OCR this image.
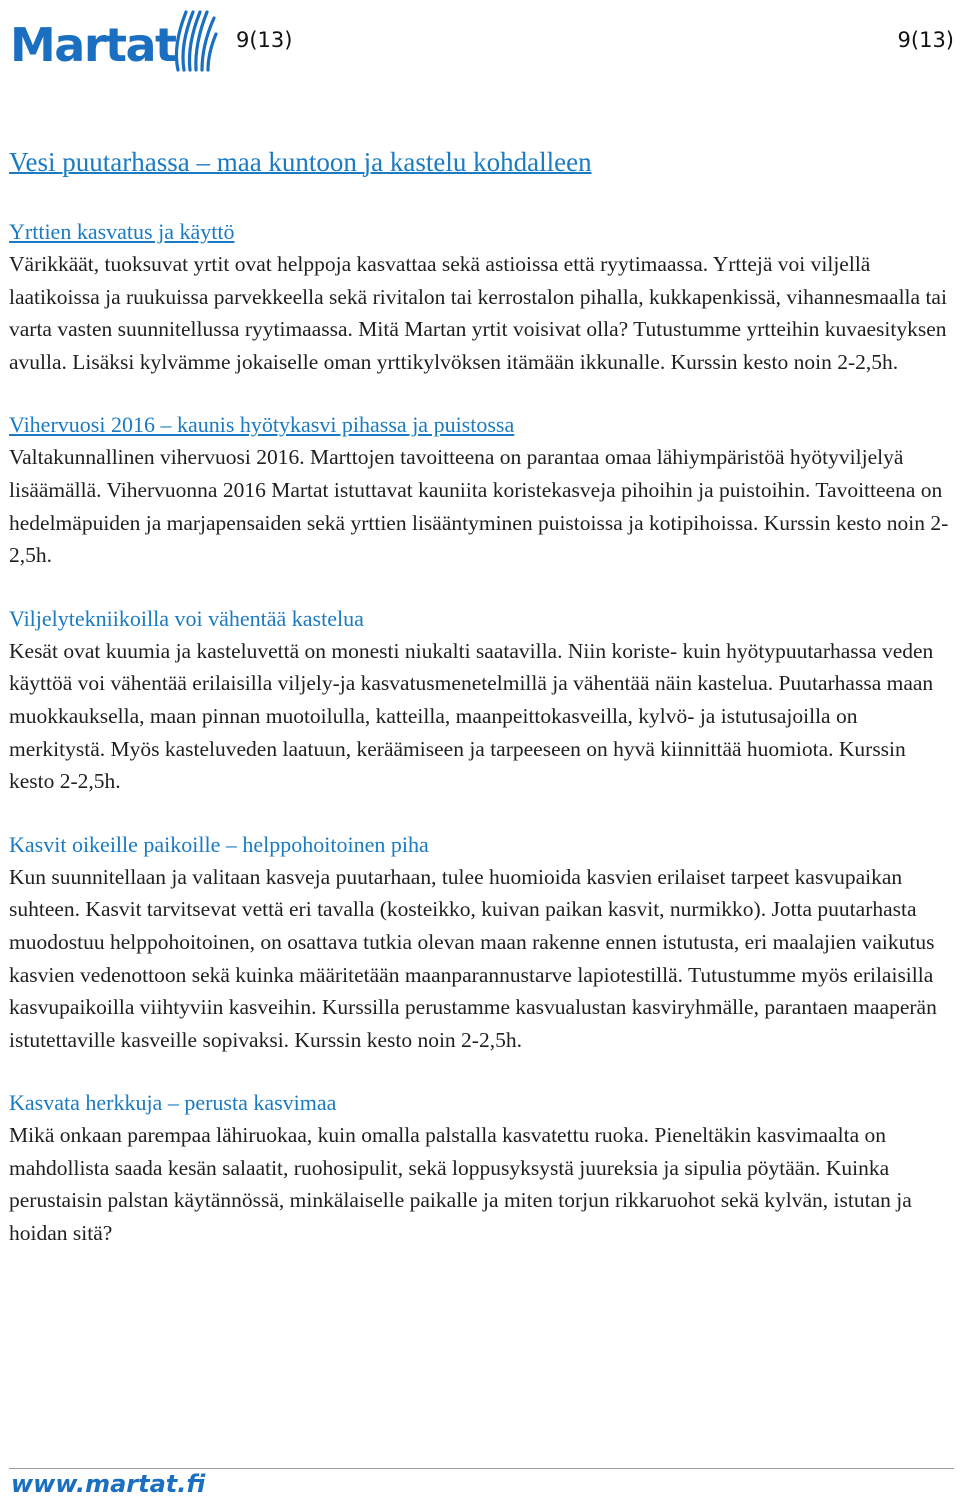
Martat	9(13)	9(13)
Vesi puutarhassa – maa kuntoon ja kastelu kohdalleen
Yrttien kasvatus ja käyttö

Värikkäät, tuoksuvat yrtit ovat helppoja kasvattaa sekä astioissa että ryytimaassa. Yrttejä voi viljellä laatikoissa ja ruukuissa parvekkeella sekä rivitalon tai kerrostalon pihalla, kukkapenkissä, vihannesmaalla tai varta vasten suunnitellussa ryytimaassa. Mitä Martan yrtit voisivat olla? Tutustumme yrtteihin kuvaesityksen avulla. Lisäksi kylvämme jokaiselle oman yrttikylvöksen itämään ikkunalle. Kurssin kesto noin 2-2,5h.

Vihervuosi 2016 – kaunis hyötykasvi pihassa ja puistossa

Valtakunnallinen vihervuosi 2016. Marttojen tavoitteena on parantaa omaa lähiympäristöä hyötyviljelyä lisäämällä. Vihervuonna 2016 Martat istuttavat kauniita koristekasveja pihoihin ja puistoihin. Tavoitteena on hedelmäpuiden ja marjapensaiden sekä yrttien lisääntyminen puistoissa ja kotipihoissa. Kurssin kesto noin 2-2,5h.

Viljelytekniikoilla voi vähentää kastelua

Kesät ovat kuumia ja kasteluvettä on monesti niukalti saatavilla. Niin koriste- kuin hyötypuutarhassa veden käyttöä voi vähentää erilaisilla viljely-ja kasvatusmenetelmillä ja vähentää näin kastelua. Puutarhassa maan muokkauksella, maan pinnan muotoilulla, katteilla, maanpeittokasveilla, kylvö- ja istutusajoilla on merkitystä. Myös kasteluveden laatuun, keräämiseen ja tarpeeseen on hyvä kiinnittää huomiota. Kurssin kesto 2-2,5h.

Kasvit oikeille paikoille – helppohoitoinen piha

Kun suunnitellaan ja valitaan kasveja puutarhaan, tulee huomioida kasvien erilaiset tarpeet kasvupaikan suhteen. Kasvit tarvitsevat vettä eri tavalla (kosteikko, kuivan paikan kasvit, nurmikko). Jotta puutarhasta muodostuu helppohoitoinen, on osattava tutkia olevan maan rakenne ennen istutusta, eri maalajien vaikutus kasvien vedenottoon sekä kuinka määritetään maanparannustarve lapiotestillä. Tutustumme myös erilaisilla kasvupaikoilla viihtyviin kasveihin. Kurssilla perustamme kasvualustan kasviryhmälle, parantaen maaperän istutettaville kasveille sopivaksi. Kurssin kesto noin 2-2,5h.

Kasvata herkkuja – perusta kasvimaa

Mikä onkaan parempaa lähiruokaa, kuin omalla palstalla kasvatettu ruoka. Pieneltäkin kasvimaalta on mahdollista saada kesän salaatit, ruohosipulit, sekä loppusyksystä juureksia ja sipulia pöytään. Kuinka perustaisin palstan käytännössä, minkälaiselle paikalle ja miten torjun rikkaruohot sekä kylvän, istutan ja hoidan sitä?

www.martat.fi
